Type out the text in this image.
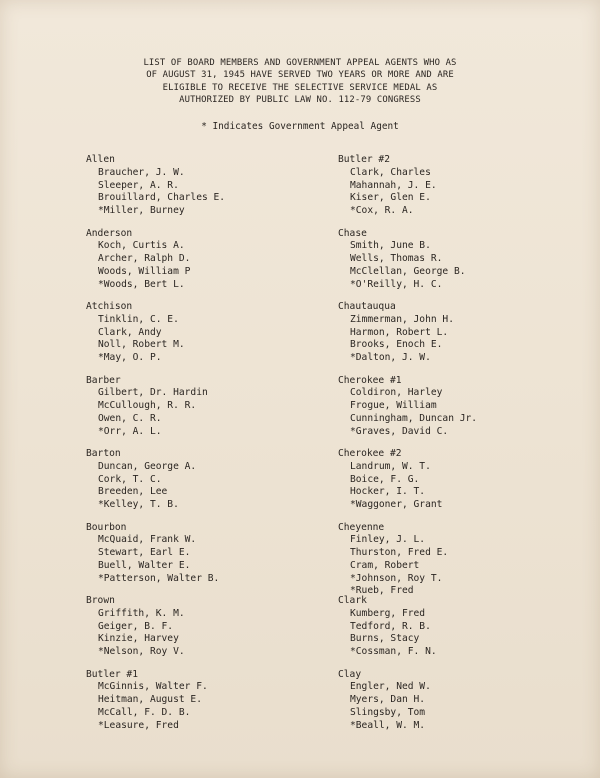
LIST OF BOARD MEMBERS AND GOVERNMENT APPEAL AGENTS WHO AS
OF AUGUST 31, 1945 HAVE SERVED TWO YEARS OR MORE AND ARE
ELIGIBLE TO RECEIVE THE SELECTIVE SERVICE MEDAL AS
AUTHORIZED BY PUBLIC LAW NO. 112-79 CONGRESS
* Indicates Government Appeal Agent
Allen
Braucher, J. W.
Sleeper, A. R.
Brouillard, Charles E.
*Miller, Burney
Anderson
Koch, Curtis A.
Archer, Ralph D.
Woods, William P
*Woods, Bert L.
Atchison
Tinklin, C. E.
Clark, Andy
Noll, Robert M.
*May, O. P.
Barber
Gilbert, Dr. Hardin
McCullough, R. R.
Owen, C. R.
*Orr, A. L.
Barton
Duncan, George A.
Cork, T. C.
Breeden, Lee
*Kelley, T. B.
Bourbon
McQuaid, Frank W.
Stewart, Earl E.
Buell, Walter E.
*Patterson, Walter B.
Brown
Griffith, K. M.
Geiger, B. F.
Kinzie, Harvey
*Nelson, Roy V.
Butler #1
McGinnis, Walter F.
Heitman, August E.
McCall, F. D. B.
*Leasure, Fred
Butler #2
Clark, Charles
Mahannah, J. E.
Kiser, Glen E.
*Cox, R. A.
Chase
Smith, June B.
Wells, Thomas R.
McClellan, George B.
*O'Reilly, H. C.
Chautauqua
Zimmerman, John H.
Harmon, Robert L.
Brooks, Enoch E.
*Dalton, J. W.
Cherokee #1
Coldiron, Harley
Frogue, William
Cunningham, Duncan Jr.
*Graves, David C.
Cherokee #2
Landrum, W. T.
Boice, F. G.
Hocker, I. T.
*Waggoner, Grant
Cheyenne
Finley, J. L.
Thurston, Fred E.
Cram, Robert
*Johnson, Roy T.
*Rueb, Fred
Clark
Kumberg, Fred
Tedford, R. B.
Burns, Stacy
*Cossman, F. N.
Clay
Engler, Ned W.
Myers, Dan H.
Slingsby, Tom
*Beall, W. M.
